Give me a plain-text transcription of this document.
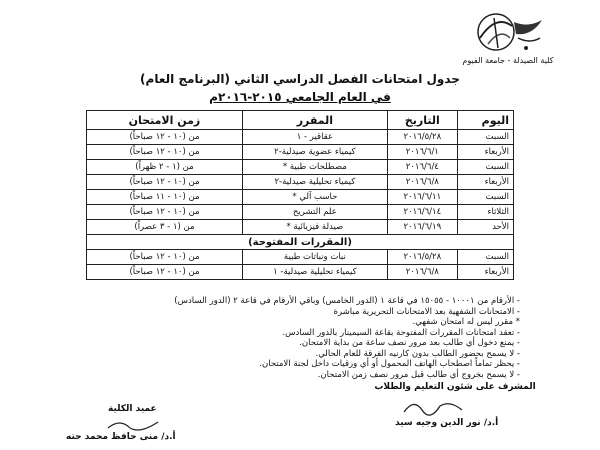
كلية الصيدلة - جامعة الفيوم
جدول امتحانات الفصل الدراسي الثاني (البرنامج العام)
في العام الجامعي ٢٠١٥-٢٠١٦م
اليوم	التاريخ	المقرر	زمن الامتحان
السبت	٢٠١٦/٥/٢٨	عقاقير - ١	من (١٠ - ١٢ صباحاً)
الأربعاء	٢٠١٦/٦/١	كيمياء عضوية صيدلية-٢	من (١٠ - ١٢ صباحاً)
السبت	٢٠١٦/٦/٤	مصطلحات طبية *	من (١ - ٢ ظهراً)
الأربعاء	٢٠١٦/٦/٨	كيمياء تحليلية صيدلية-٢	من (١٠ - ١٢ صباحاً)
السبت	٢٠١٦/٦/١١	حاسب آلي *	من (١٠ - ١١ صباحاً)
الثلاثاء	٢٠١٦/٦/١٤	علم التشريح	من (١٠ - ١٢ صباحاً)
الأحد	٢٠١٦/٦/١٩	صيدلة فيزيائية *	من (١ - ٣ عصراً)
(المقررات المفتوحة)			
السبت	٢٠١٦/٥/٢٨	نبات ونباتات طبية	من (١٠ - ١٢ صباحاً)
الأربعاء	٢٠١٦/٦/٨	كيمياء تحليلية صيدلية- ١	من (١٠ - ١٢ صباحاً)
- الأرقام من ١٠٠٠١ - ١٥٠٥٥ في قاعة ١ (الدور الخامس) وباقي الأرقام في قاعة ٢ (الدور السادس)
- الامتحانات الشفهية بعد الامتحانات التحريرية مباشرة
* مقرر ليس له امتحان شفهي.
- تعقد امتحانات المقررات المفتوحة بقاعة السيمينار بالدور السادس.
- يمنع دخول أي طالب بعد مرور نصف ساعة من بداية الامتحان.
- لا يسمح بحضور الطالب بدون كارنيه الفرقة للعام الحالي.
- يحظر تماماً اصطحاب الهاتف المحمول أو أي ورقيات داخل لجنة الامتحان.
- لا يسمح بخروج أي طالب قبل مرور نصف زمن الامتحان.
المشرف على شئون التعليم والطلاب
أ.د/ نور الدين وجيه سيد
عميد الكلية
أ.د/ منى حافظ محمد حته
